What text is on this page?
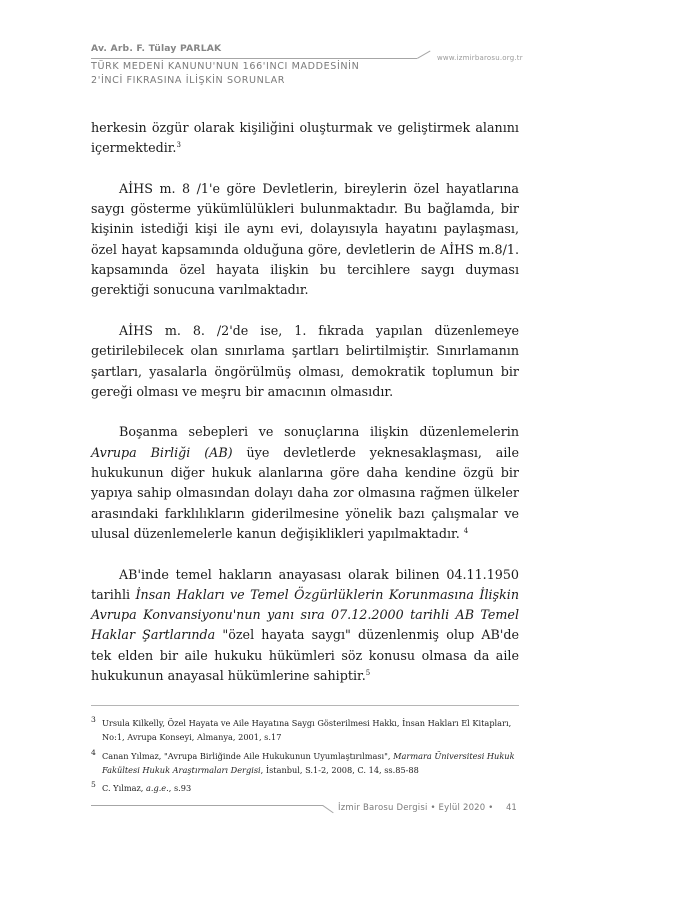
Av. Arb. F. Tülay PARLAK
www.izmirbarosu.org.tr
TÜRK MEDENİ KANUNU'NUN 166'INCI MADDESİNİN
2'İNCİ FIKRASINA İLİŞKİN SORUNLAR

herkesin özgür olarak kişiliğini oluşturmak ve geliştirmek alanını içermektedir.$^3$

AİHS m. 8 /1'e göre Devletlerin, bireylerin özel hayatlarına saygı gösterme yükümlülükleri bulunmaktadır. Bu bağlamda, bir kişinin istediği kişi ile aynı evi, dolayısıyla hayatını paylaşması, özel hayat kapsamında olduğuna göre, devletlerin de AİHS m.8/1. kapsamında özel hayata ilişkin bu tercihlere saygı duyması gerektiği sonucuna varılmaktadır.

AİHS m. 8. /2'de ise, 1. fıkrada yapılan düzenlemeye getirilebilecek olan sınırlama şartları belirtilmiştir. Sınırlamanın şartları, yasalarla öngörülmüş olması, demokratik toplumun bir gereği olması ve meşru bir amacının olmasıdır.

Boşanma sebepleri ve sonuçlarına ilişkin düzenlemelerin Avrupa Birliği (AB) üye devletlerde yeknesaklaşması, aile hukukunun diğer hukuk alanlarına göre daha kendine özgü bir yapıya sahip olmasından dolayı daha zor olmasına rağmen ülkeler arasındaki farklılıkların giderilmesine yönelik bazı çalışmalar ve ulusal düzenlemelerle kanun değişiklikleri yapılmaktadır. $^4$

AB'inde temel hakların anayasası olarak bilinen 04.11.1950 tarihli İnsan Hakları ve Temel Özgürlüklerin Korunmasına İlişkin Avrupa Konvansiyonu'nun yanı sıra 07.12.2000 tarihli AB Temel Haklar Şartlarında "özel hayata saygı" düzenlenmiş olup AB'de tek elden bir aile hukuku hükümleri söz konusu olmasa da aile hukukunun anayasal hükümlerine sahiptir.$^5$

3 Ursula Kilkelly, Özel Hayata ve Aile Hayatına Saygı Gösterilmesi Hakkı, İnsan Hakları El Kitapları, No:1, Avrupa Konseyi, Almanya, 2001, s.17
4 Canan Yılmaz, "Avrupa Birliğinde Aile Hukukunun Uyumlaştırılması", Marmara Üniversitesi Hukuk Fakültesi Hukuk Araştırmaları Dergisi, İstanbul, S.1-2, 2008, C. 14, ss.85-88
5 C. Yılmaz, a.g.e., s.93
İzmir Barosu Dergisi • Eylül 2020 • 41
